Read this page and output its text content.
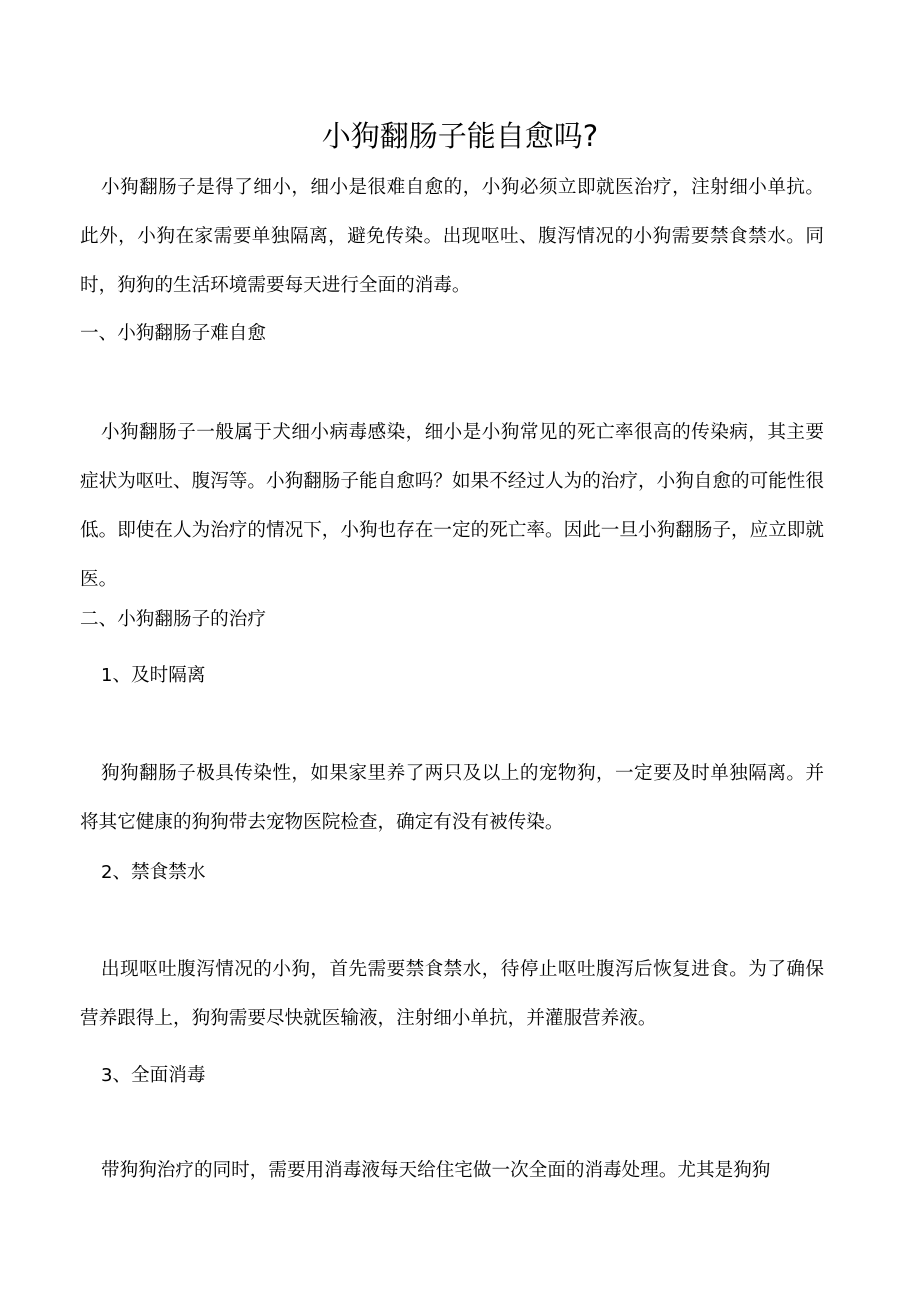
小狗翻肠子能自愈吗?

小狗翻肠子是得了细小，细小是很难自愈的，小狗必须立即就医治疗，注射细小单抗。此外，小狗在家需要单独隔离，避免传染。出现呕吐、腹泻情况的小狗需要禁食禁水。同时，狗狗的生活环境需要每天进行全面的消毒。

一、小狗翻肠子难自愈

小狗翻肠子一般属于犬细小病毒感染，细小是小狗常见的死亡率很高的传染病，其主要症状为呕吐、腹泻等。小狗翻肠子能自愈吗？如果不经过人为的治疗，小狗自愈的可能性很低。即使在人为治疗的情况下，小狗也存在一定的死亡率。因此一旦小狗翻肠子，应立即就医。

二、小狗翻肠子的治疗

1、及时隔离

狗狗翻肠子极具传染性，如果家里养了两只及以上的宠物狗，一定要及时单独隔离。并将其它健康的狗狗带去宠物医院检查，确定有没有被传染。

2、禁食禁水

出现呕吐腹泻情况的小狗，首先需要禁食禁水，待停止呕吐腹泻后恢复进食。为了确保营养跟得上，狗狗需要尽快就医输液，注射细小单抗，并灌服营养液。

3、全面消毒

带狗狗治疗的同时，需要用消毒液每天给住宅做一次全面的消毒处理。尤其是狗狗
